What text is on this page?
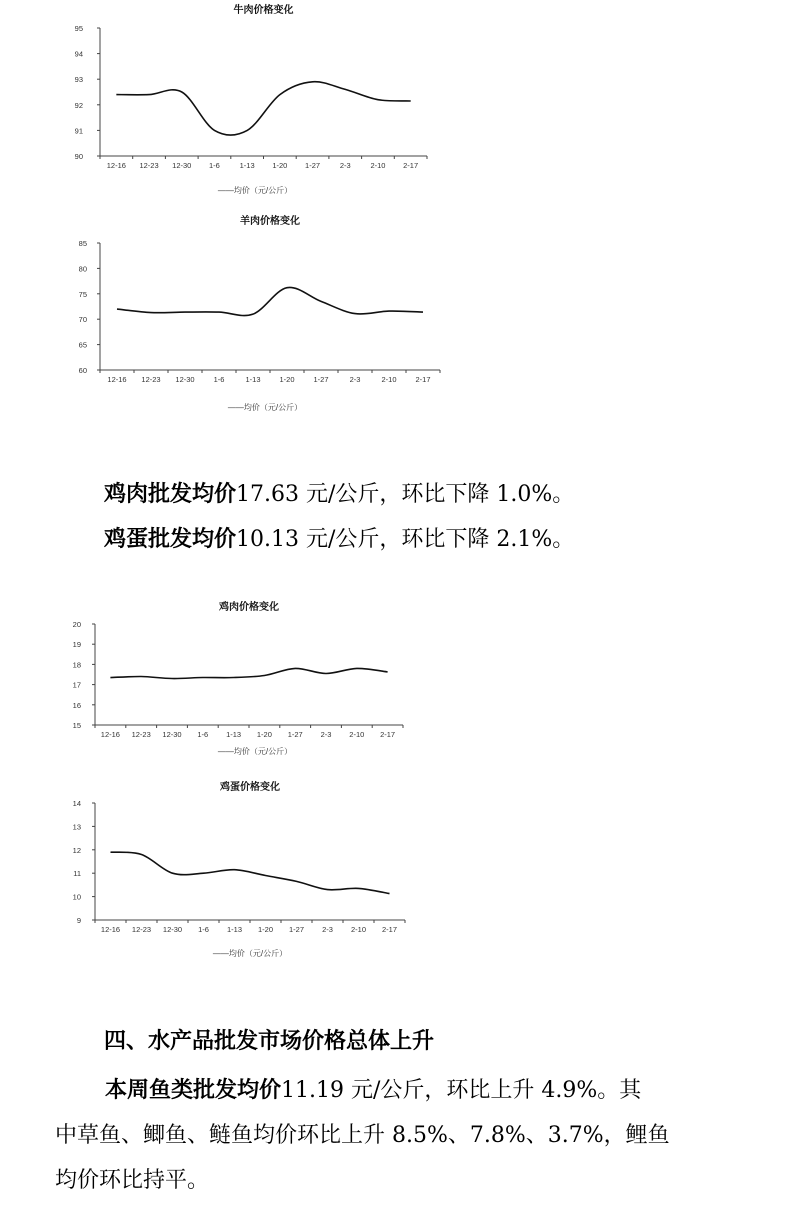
牛肉价格变化
90
91
92
93
94
95
12-16 12-23 12-30 1-6	1-13 1-20 1-27	2-3	2-10 2-17
——均价（元/公斤）
羊肉价格变化
60
65
70
75
80
85
12-16 12-23 12-30	1-6	1-13	1-20	1-27	2-3	2-10	2-17
——均价（元/公斤）
鸡肉批发均价17.63 元/公斤，环比下降 1.0%。
鸡蛋批发均价10.13 元/公斤，环比下降 2.1%。
鸡肉价格变化
15
16
17
18
19
20
12-16 12-23 12-30 1-6 1-13 1-20 1-27 2-3 2-10 2-17
——均价（元/公斤）
鸡蛋价格变化
9
10
11
12
13
14
12-16 12-23 12-30 1-6 1-13 1-20 1-27 2-3 2-10 2-17
——均价（元/公斤）
四、水产品批发市场价格总体上升
本周鱼类批发均价11.19 元/公斤，环比上升 4.9%。其
中草鱼、鲫鱼、鲢鱼均价环比上升 8.5%、7.8%、3.7%，鲤鱼
均价环比持平。
